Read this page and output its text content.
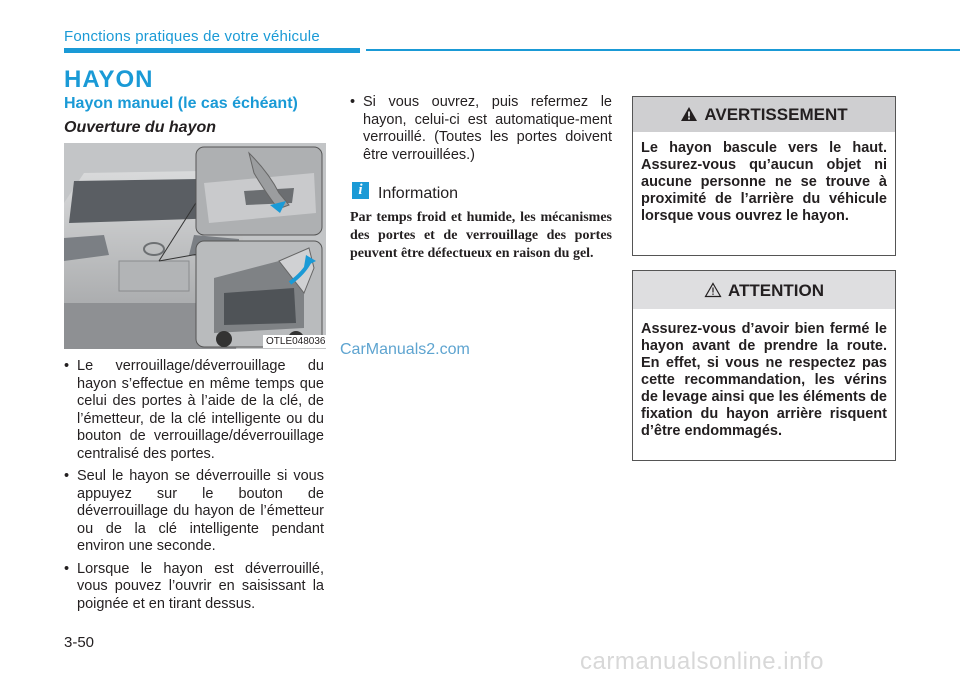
Fonctions pratiques de votre véhicule
HAYON
Hayon manuel (le cas échéant)
Ouverture du hayon
OTLE048036
• Le verrouillage/déverrouillage du hayon s’effectue en même temps que celui des portes à l’aide de la clé, de l’émetteur, de la clé intelligente ou du bouton de verrouillage/déverrouillage centralisé des portes.
• Seul le hayon se déverrouille si vous appuyez sur le bouton de déverrouillage du hayon de l’émetteur ou de la clé intelligente pendant environ une seconde.
• Lorsque le hayon est déverrouillé, vous pouvez l’ouvrir en saisissant la poignée et en tirant dessus.
• Si vous ouvrez, puis refermez le hayon, celui-ci est automatique-ment verrouillé. (Toutes les portes doivent être verrouillées.)
i Information
Par temps froid et humide, les mécanismes des portes et de verrouillage des portes peuvent être défectueux en raison du gel.
AVERTISSEMENT
Le hayon bascule vers le haut. Assurez-vous qu’aucun objet ni aucune personne ne se trouve à proximité de l’arrière du véhicule lorsque vous ouvrez le hayon.
ATTENTION
Assurez-vous d’avoir bien fermé le hayon avant de prendre la route. En effet, si vous ne respectez pas cette recommandation, les vérins de levage ainsi que les éléments de fixation du hayon arrière risquent d’être endommagés.
CarManuals2.com
3-50
carmanualsonline.info
